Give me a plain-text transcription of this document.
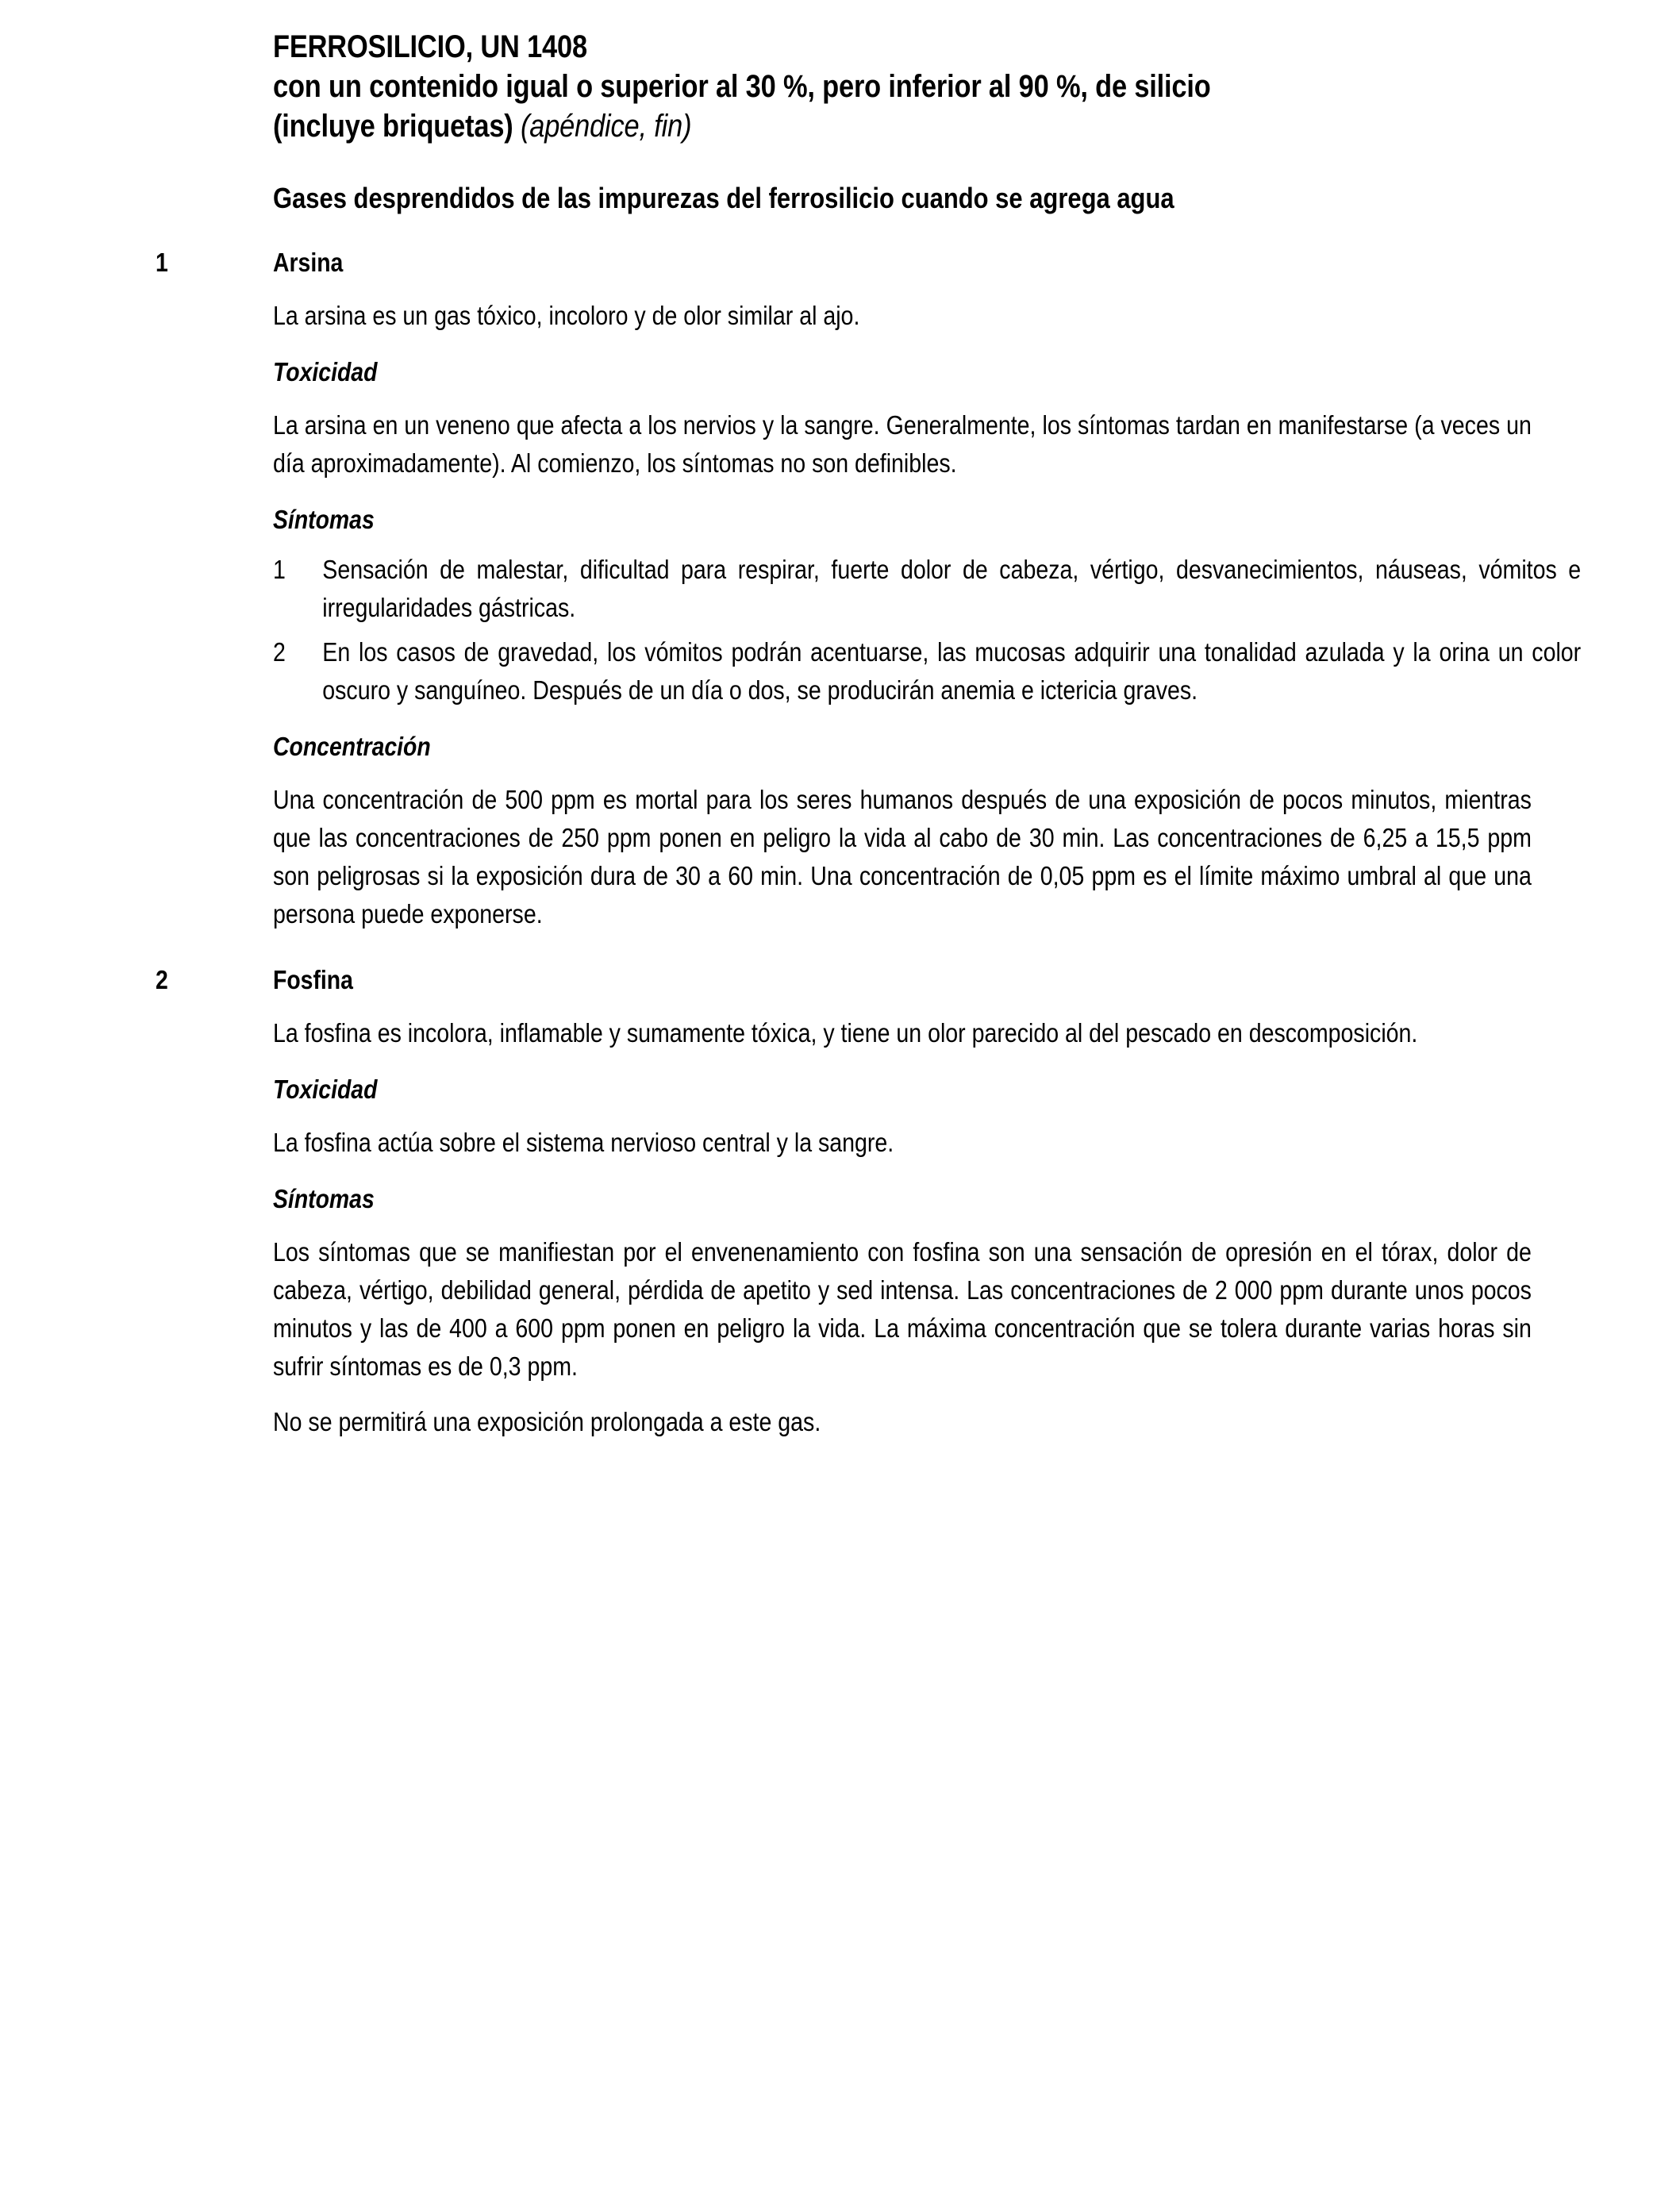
FERROSILICIO, UN 1408
con un contenido igual o superior al 30 %, pero inferior al 90 %, de silicio
(incluye briquetas) (apéndice, fin)
Gases desprendidos de las impurezas del ferrosilicio cuando se agrega agua
1	Arsina

La arsina es un gas tóxico, incoloro y de olor similar al ajo.

Toxicidad

La arsina en un veneno que afecta a los nervios y la sangre. Generalmente, los síntomas tardan en manifestarse (a veces un día aproximadamente). Al comienzo, los síntomas no son definibles.

Síntomas
1 Sensación de malestar, dificultad para respirar, fuerte dolor de cabeza, vértigo, desvanecimientos, náuseas, vómitos e irregularidades gástricas.
2 En los casos de gravedad, los vómitos podrán acentuarse, las mucosas adquirir una tonalidad azulada y la orina un color oscuro y sanguíneo. Después de un día o dos, se producirán anemia e ictericia graves.
Concentración

Una concentración de 500 ppm es mortal para los seres humanos después de una exposición de pocos minutos, mientras que las concentraciones de 250 ppm ponen en peligro la vida al cabo de 30 min. Las concentraciones de 6,25 a 15,5 ppm son peligrosas si la exposición dura de 30 a 60 min. Una concentración de 0,05 ppm es el límite máximo umbral al que una persona puede exponerse.

2	Fosfina

La fosfina es incolora, inflamable y sumamente tóxica, y tiene un olor parecido al del pescado en descomposición.

Toxicidad

La fosfina actúa sobre el sistema nervioso central y la sangre.

Síntomas

Los síntomas que se manifiestan por el envenenamiento con fosfina son una sensación de opresión en el tórax, dolor de cabeza, vértigo, debilidad general, pérdida de apetito y sed intensa. Las concentraciones de 2 000 ppm durante unos pocos minutos y las de 400 a 600 ppm ponen en peligro la vida. La máxima concentración que se tolera durante varias horas sin sufrir síntomas es de 0,3 ppm.

No se permitirá una exposición prolongada a este gas.
